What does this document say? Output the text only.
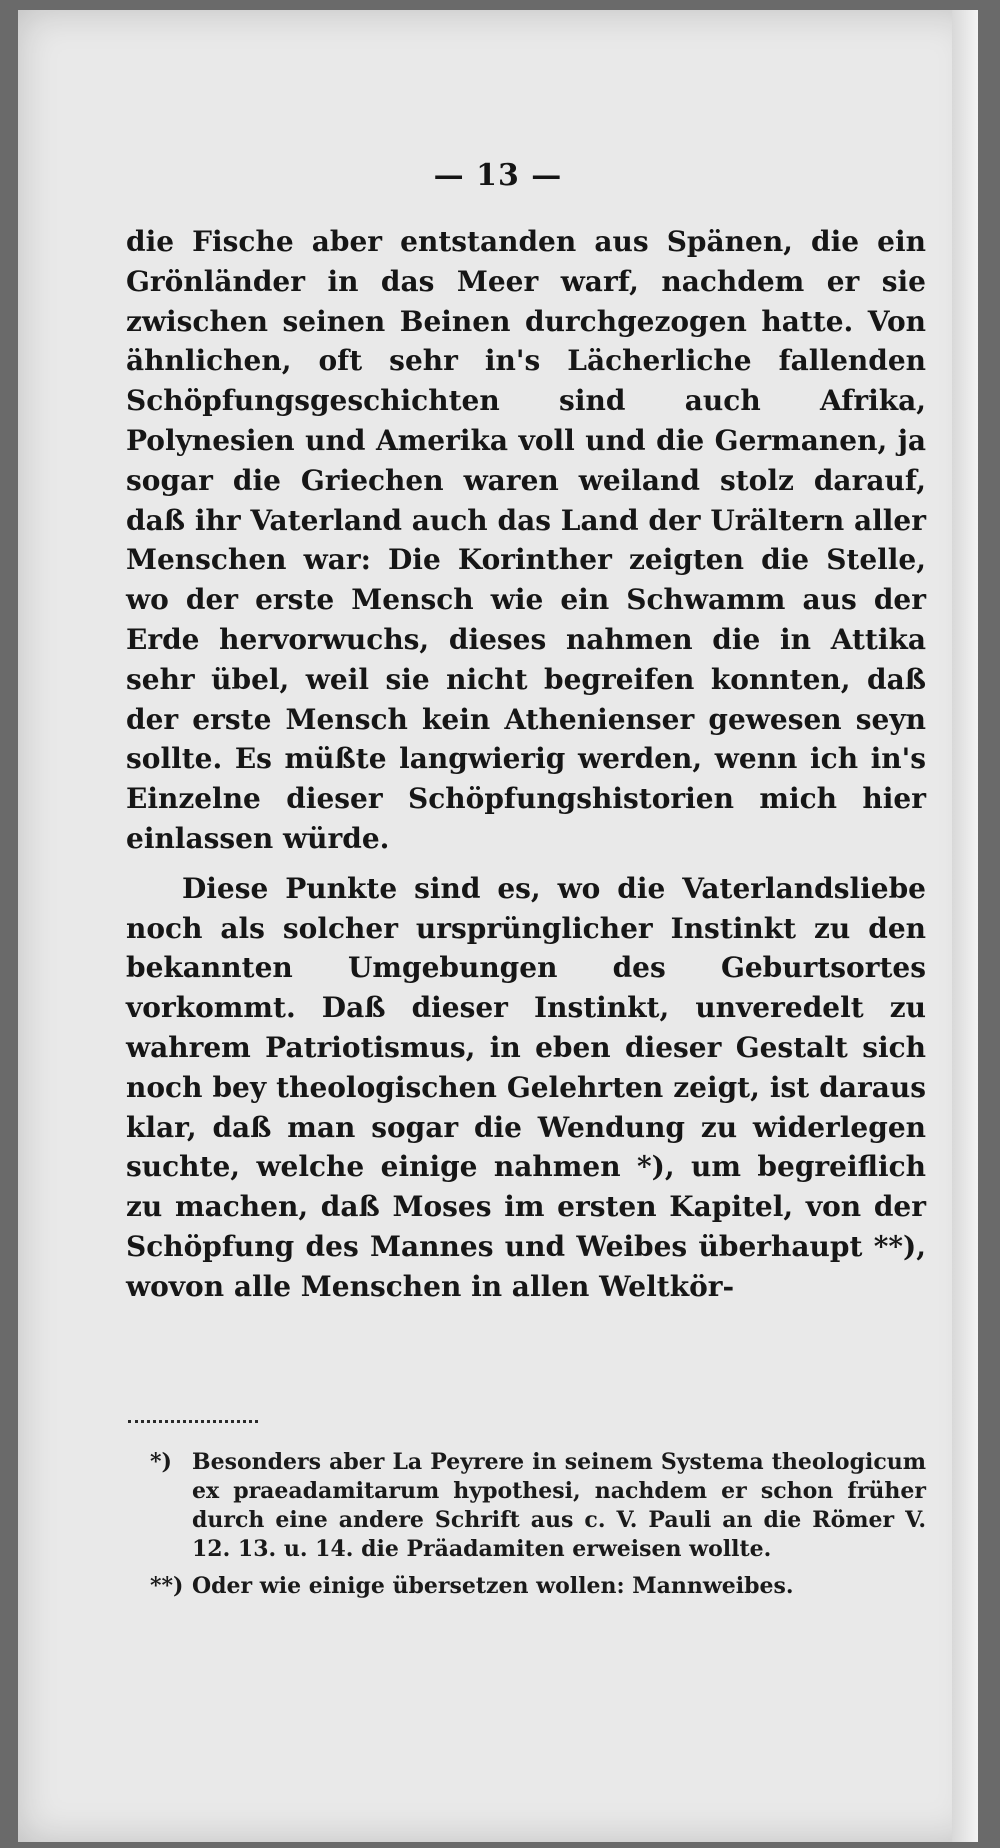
— 13 —

die Fische aber entstanden aus Spänen, die ein Grönländer in das Meer warf, nachdem er sie zwischen seinen Beinen durchgezogen hatte. Von ähnlichen, oft sehr in's Lächerliche fallenden Schöpfungsgeschichten sind auch Afrika, Polynesien und Amerika voll und die Germanen, ja sogar die Griechen waren weiland stolz darauf, daß ihr Vaterland auch das Land der Urältern aller Menschen war: Die Korinther zeigten die Stelle, wo der erste Mensch wie ein Schwamm aus der Erde hervorwuchs, dieses nahmen die in Attika sehr übel, weil sie nicht begreifen konnten, daß der erste Mensch kein Athenienser gewesen seyn sollte. Es müßte langwierig werden, wenn ich in's Einzelne dieser Schöpfungshistorien mich hier einlassen würde.

Diese Punkte sind es, wo die Vaterlandsliebe noch als solcher ursprünglicher Instinkt zu den bekannten Umgebungen des Geburtsortes vorkommt. Daß dieser Instinkt, unveredelt zu wahrem Patriotismus, in eben dieser Gestalt sich noch bey theologischen Gelehrten zeigt, ist daraus klar, daß man sogar die Wendung zu widerlegen suchte, welche einige nahmen *), um begreiflich zu machen, daß Moses im ersten Kapitel, von der Schöpfung des Mannes und Weibes überhaupt **), wovon alle Menschen in allen Weltkör-

*) Besonders aber La Peyrere in seinem Systema theologicum ex praeadamitarum hypothesi, nachdem er schon früher durch eine andere Schrift aus c. V. Pauli an die Römer V. 12. 13. u. 14. die Präadamiten erweisen wollte.
**) Oder wie einige übersetzen wollen: Mannweibes.
